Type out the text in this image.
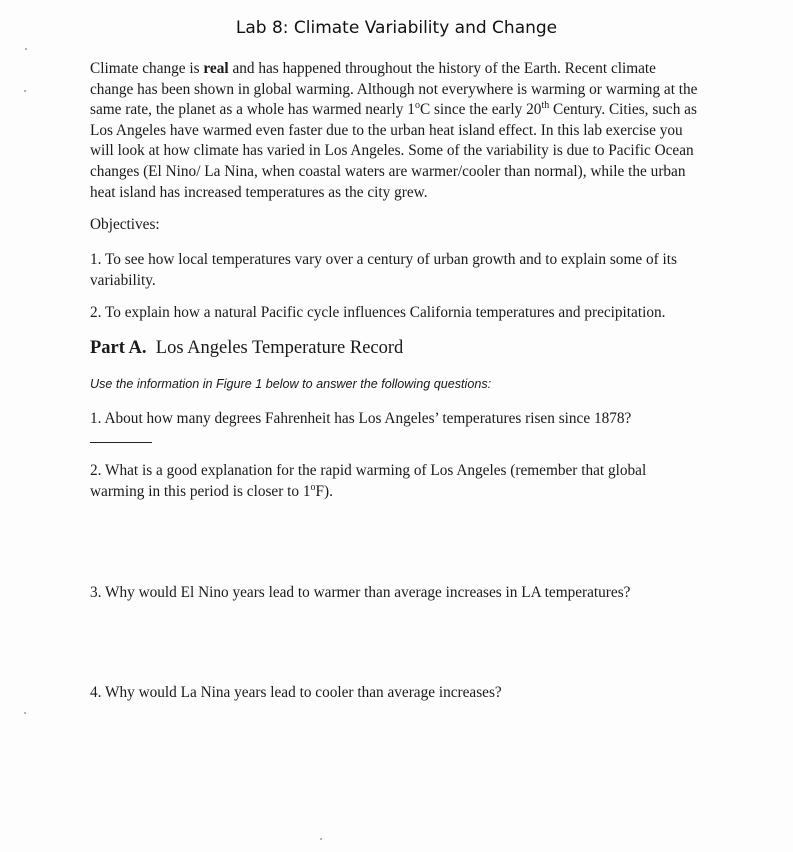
Lab 8: Climate Variability and Change

Climate change is real and has happened throughout the history of the Earth. Recent climate change has been shown in global warming. Although not everywhere is warming or warming at the same rate, the planet as a whole has warmed nearly 1$^o$C since the early 20th Century. Cities, such as Los Angeles have warmed even faster due to the urban heat island effect. In this lab exercise you will look at how climate has varied in Los Angeles. Some of the variability is due to Pacific Ocean changes (El Nino/ La Nina, when coastal waters are warmer/cooler than normal), while the urban heat island has increased temperatures as the city grew.

Objectives:

1. To see how local temperatures vary over a century of urban growth and to explain some of its variability.

2. To explain how a natural Pacific cycle influences California temperatures and precipitation.

Part A. Los Angeles Temperature Record
Use the information in Figure 1 below to answer the following questions:

1. About how many degrees Fahrenheit has Los Angeles’ temperatures risen since 1878?

2. What is a good explanation for the rapid warming of Los Angeles (remember that global warming in this period is closer to 1$^o$F).

3. Why would El Nino years lead to warmer than average increases in LA temperatures?

4. Why would La Nina years lead to cooler than average increases?
